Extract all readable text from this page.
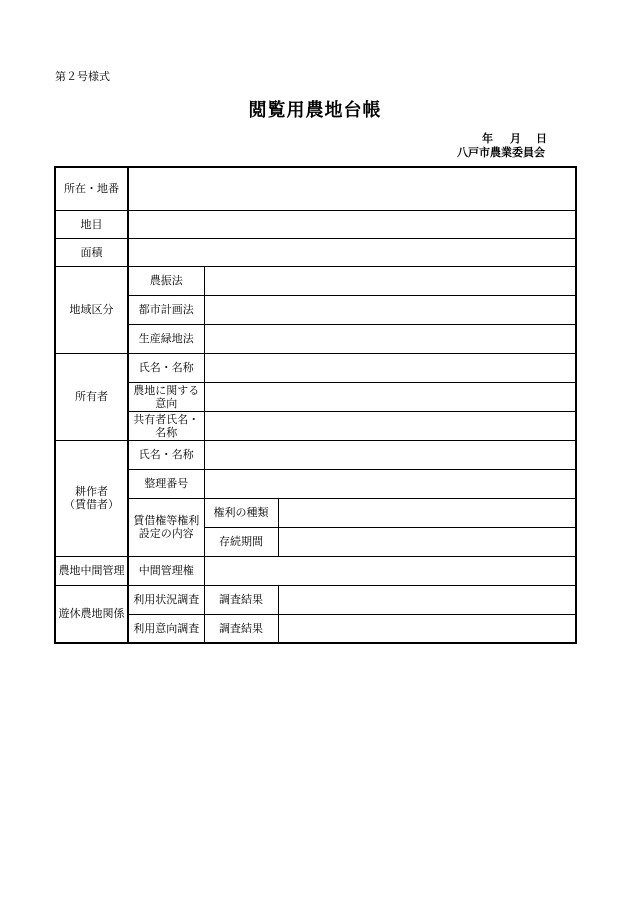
第２号様式
閲覧用農地台帳
年 月 日
八戸市農業委員会
所在・地番			
地目			
面積			
地域区分	農振法		
	都市計画法		
	生産緑地法		
所有者	氏名・名称		

	農地に関する
意向		

	共有者氏名・
名称		

耕作者
（賃借者）	氏名・名称		
	整理番号		

	賃借権等権利
設定の内容	権利の種類	
		存続期間	
農地中間管理	中間管理権		
遊休農地関係	利用状況調査	調査結果	
	利用意向調査	調査結果	
